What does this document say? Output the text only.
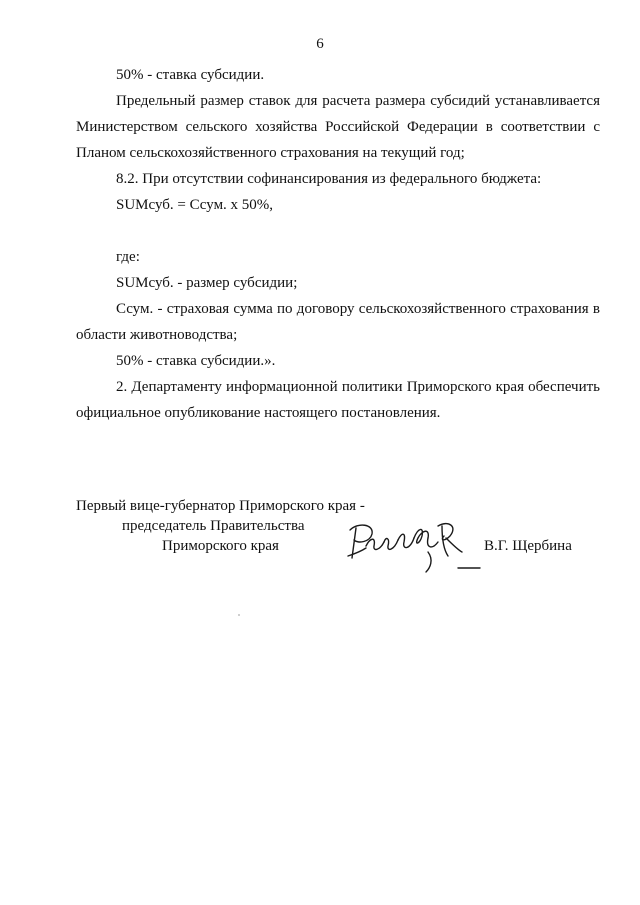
6

50% - ставка субсидии.

Предельный размер ставок для расчета размера субсидий устанавливается Министерством сельского хозяйства Российской Федерации в соответствии с Планом сельскохозяйственного страхования на текущий год;

8.2. При отсутствии софинансирования из федерального бюджета:

SUMсуб. = Ссум. х 50%,

где:

SUMсуб. - размер субсидии;

Ссум. - страховая сумма по договору сельскохозяйственного страхования в области животноводства;

50% - ставка субсидии.».

2. Департаменту информационной политики Приморского края обеспечить официальное опубликование настоящего постановления.

Первый вице-губернатор Приморского края -
председатель Правительства
Приморского края	В.Г. Щербина
